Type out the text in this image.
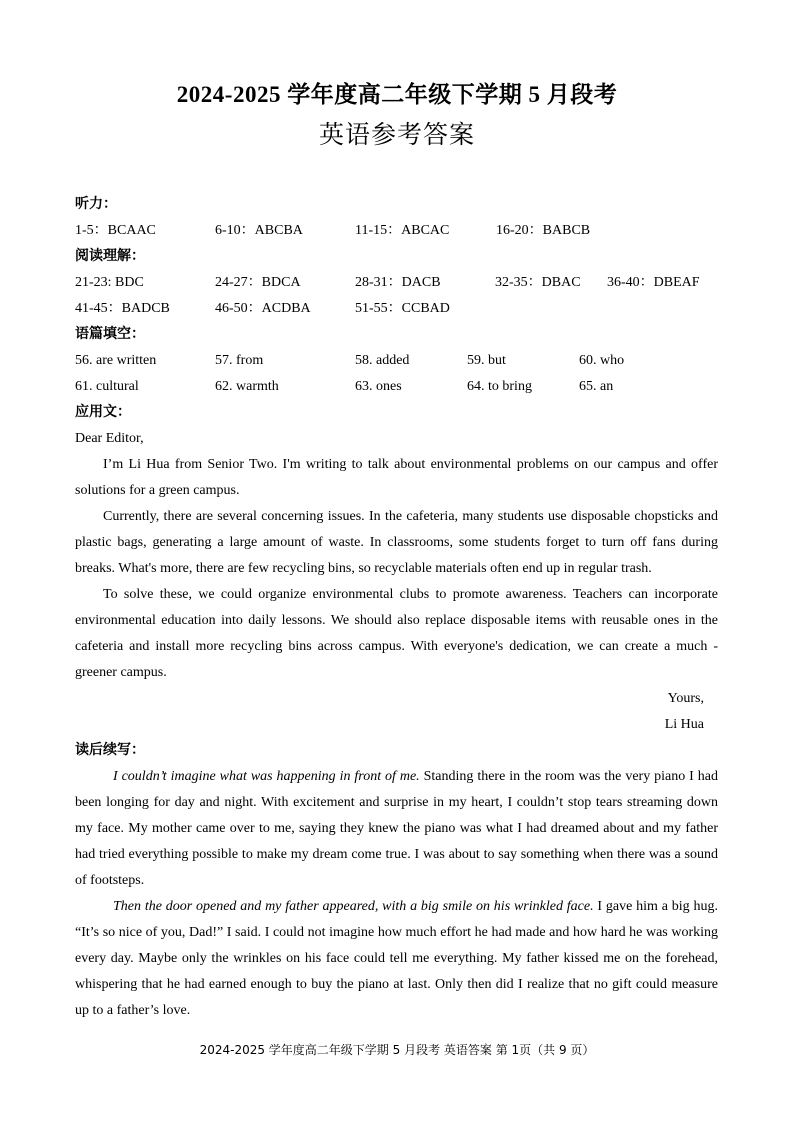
2024-2025 学年度高二年级下学期 5 月段考
英语参考答案
听力：
1-5：BCAAC	6-10：ABCBA	11-15：ABCAC	16-20：BABCB
阅读理解：
21-23: BDC	24-27：BDCA	28-31：DACB	32-35：DBAC 36-40：DBEAF
41-45：BADCB	46-50：ACDBA	51-55：CCBAD
语篇填空：
56. are written	57. from	58. added	59. but	60. who
61. cultural	62. warmth	63. ones	64. to bring	65. an
应用文：

Dear Editor,

I’m Li Hua from Senior Two. I'm writing to talk about environmental problems on our campus and offer solutions for a green campus.

Currently, there are several concerning issues. In the cafeteria, many students use disposable chopsticks and plastic bags, generating a large amount of waste. In classrooms, some students forget to turn off fans during breaks. What's more, there are few recycling bins, so recyclable materials often end up in regular trash.

To solve these, we could organize environmental clubs to promote awareness. Teachers can incorporate environmental education into daily lessons. We should also replace disposable items with reusable ones in the cafeteria and install more recycling bins across campus. With everyone's dedication, we can create a much - greener campus.

Yours,
Li Hua
读后续写：

I couldn’t imagine what was happening in front of me. Standing there in the room was the very piano I had been longing for day and night. With excitement and surprise in my heart, I couldn’t stop tears streaming down my face. My mother came over to me, saying they knew the piano was what I had dreamed about and my father had tried everything possible to make my dream come true. I was about to say something when there was a sound of footsteps.

Then the door opened and my father appeared, with a big smile on his wrinkled face. I gave him a big hug. “It’s so nice of you, Dad!” I said. I could not imagine how much effort he had made and how hard he was working every day. Maybe only the wrinkles on his face could tell me everything. My father kissed me on the forehead, whispering that he had earned enough to buy the piano at last. Only then did I realize that no gift could measure up to a father’s love.

2024-2025 学年度高二年级下学期 5 月段考 英语答案 第 1页（共 9 页）
